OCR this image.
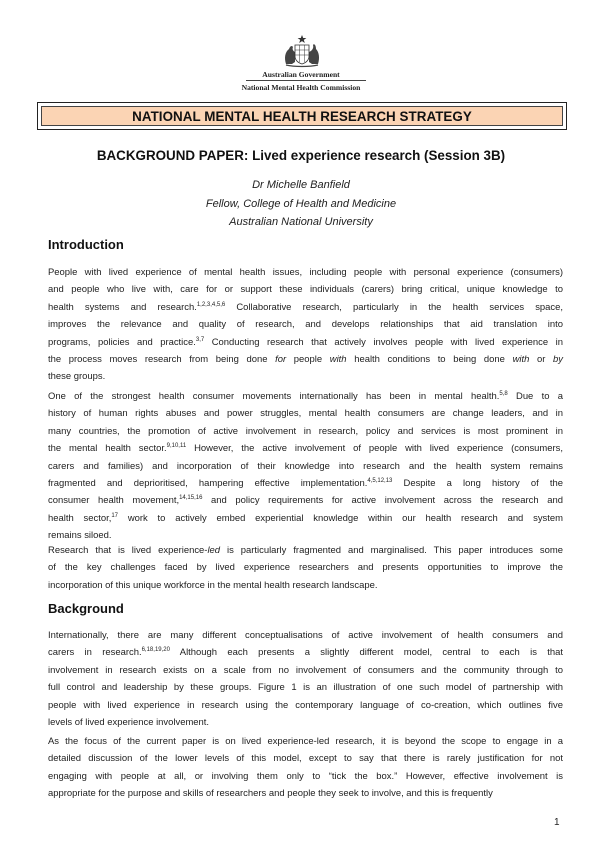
Australian Government
National Mental Health Commission
NATIONAL MENTAL HEALTH RESEARCH STRATEGY
BACKGROUND PAPER: Lived experience research (Session 3B)
Dr Michelle Banfield
Fellow, College of Health and Medicine
Australian National University
Introduction

People with lived experience of mental health issues, including people with personal experience (consumers)
and people who live with, care for or support these individuals (carers) bring critical, unique knowledge to
health systems and research.$^{1,2,3,4,5,6}$ Collaborative research, particularly in the health services space,
improves the relevance and quality of research, and develops relationships that aid translation into
programs, policies and practice.$^{3,7}$ Conducting research that actively involves people with lived experience in
the process moves research from being done for people with health conditions to being done with or by
these groups.

One of the strongest health consumer movements internationally has been in mental health.$^{5,8}$ Due to a
history of human rights abuses and power struggles, mental health consumers are change leaders, and in
many countries, the promotion of active involvement in research, policy and services is most prominent in
the mental health sector.$^{9,10,11}$ However, the active involvement of people with lived experience (consumers,
carers and families) and incorporation of their knowledge into research and the health system remains
fragmented and deprioritised, hampering effective implementation.$^{4,5,12,13}$ Despite a long history of the
consumer health movement,$^{14,15,16}$ and policy requirements for active involvement across the research and
health sector,$^{17}$ work to actively embed experiential knowledge within our health research and system
remains siloed.

Research that is lived experience-led is particularly fragmented and marginalised. This paper introduces some
of the key challenges faced by lived experience researchers and presents opportunities to improve the
incorporation of this unique workforce in the mental health research landscape.

Background

Internationally, there are many different conceptualisations of active involvement of health consumers and
carers in research.$^{6,18,19,20}$ Although each presents a slightly different model, central to each is that
involvement in research exists on a scale from no involvement of consumers and the community through to
full control and leadership by these groups. Figure 1 is an illustration of one such model of partnership with
people with lived experience in research using the contemporary language of co-creation, which outlines five
levels of lived experience involvement.

As the focus of the current paper is on lived experience-led research, it is beyond the scope to engage in a
detailed discussion of the lower levels of this model, except to say that there is rarely justification for not
engaging with people at all, or involving them only to “tick the box.” However, effective involvement is
appropriate for the purpose and skills of researchers and people they seek to involve, and this is frequently

1
